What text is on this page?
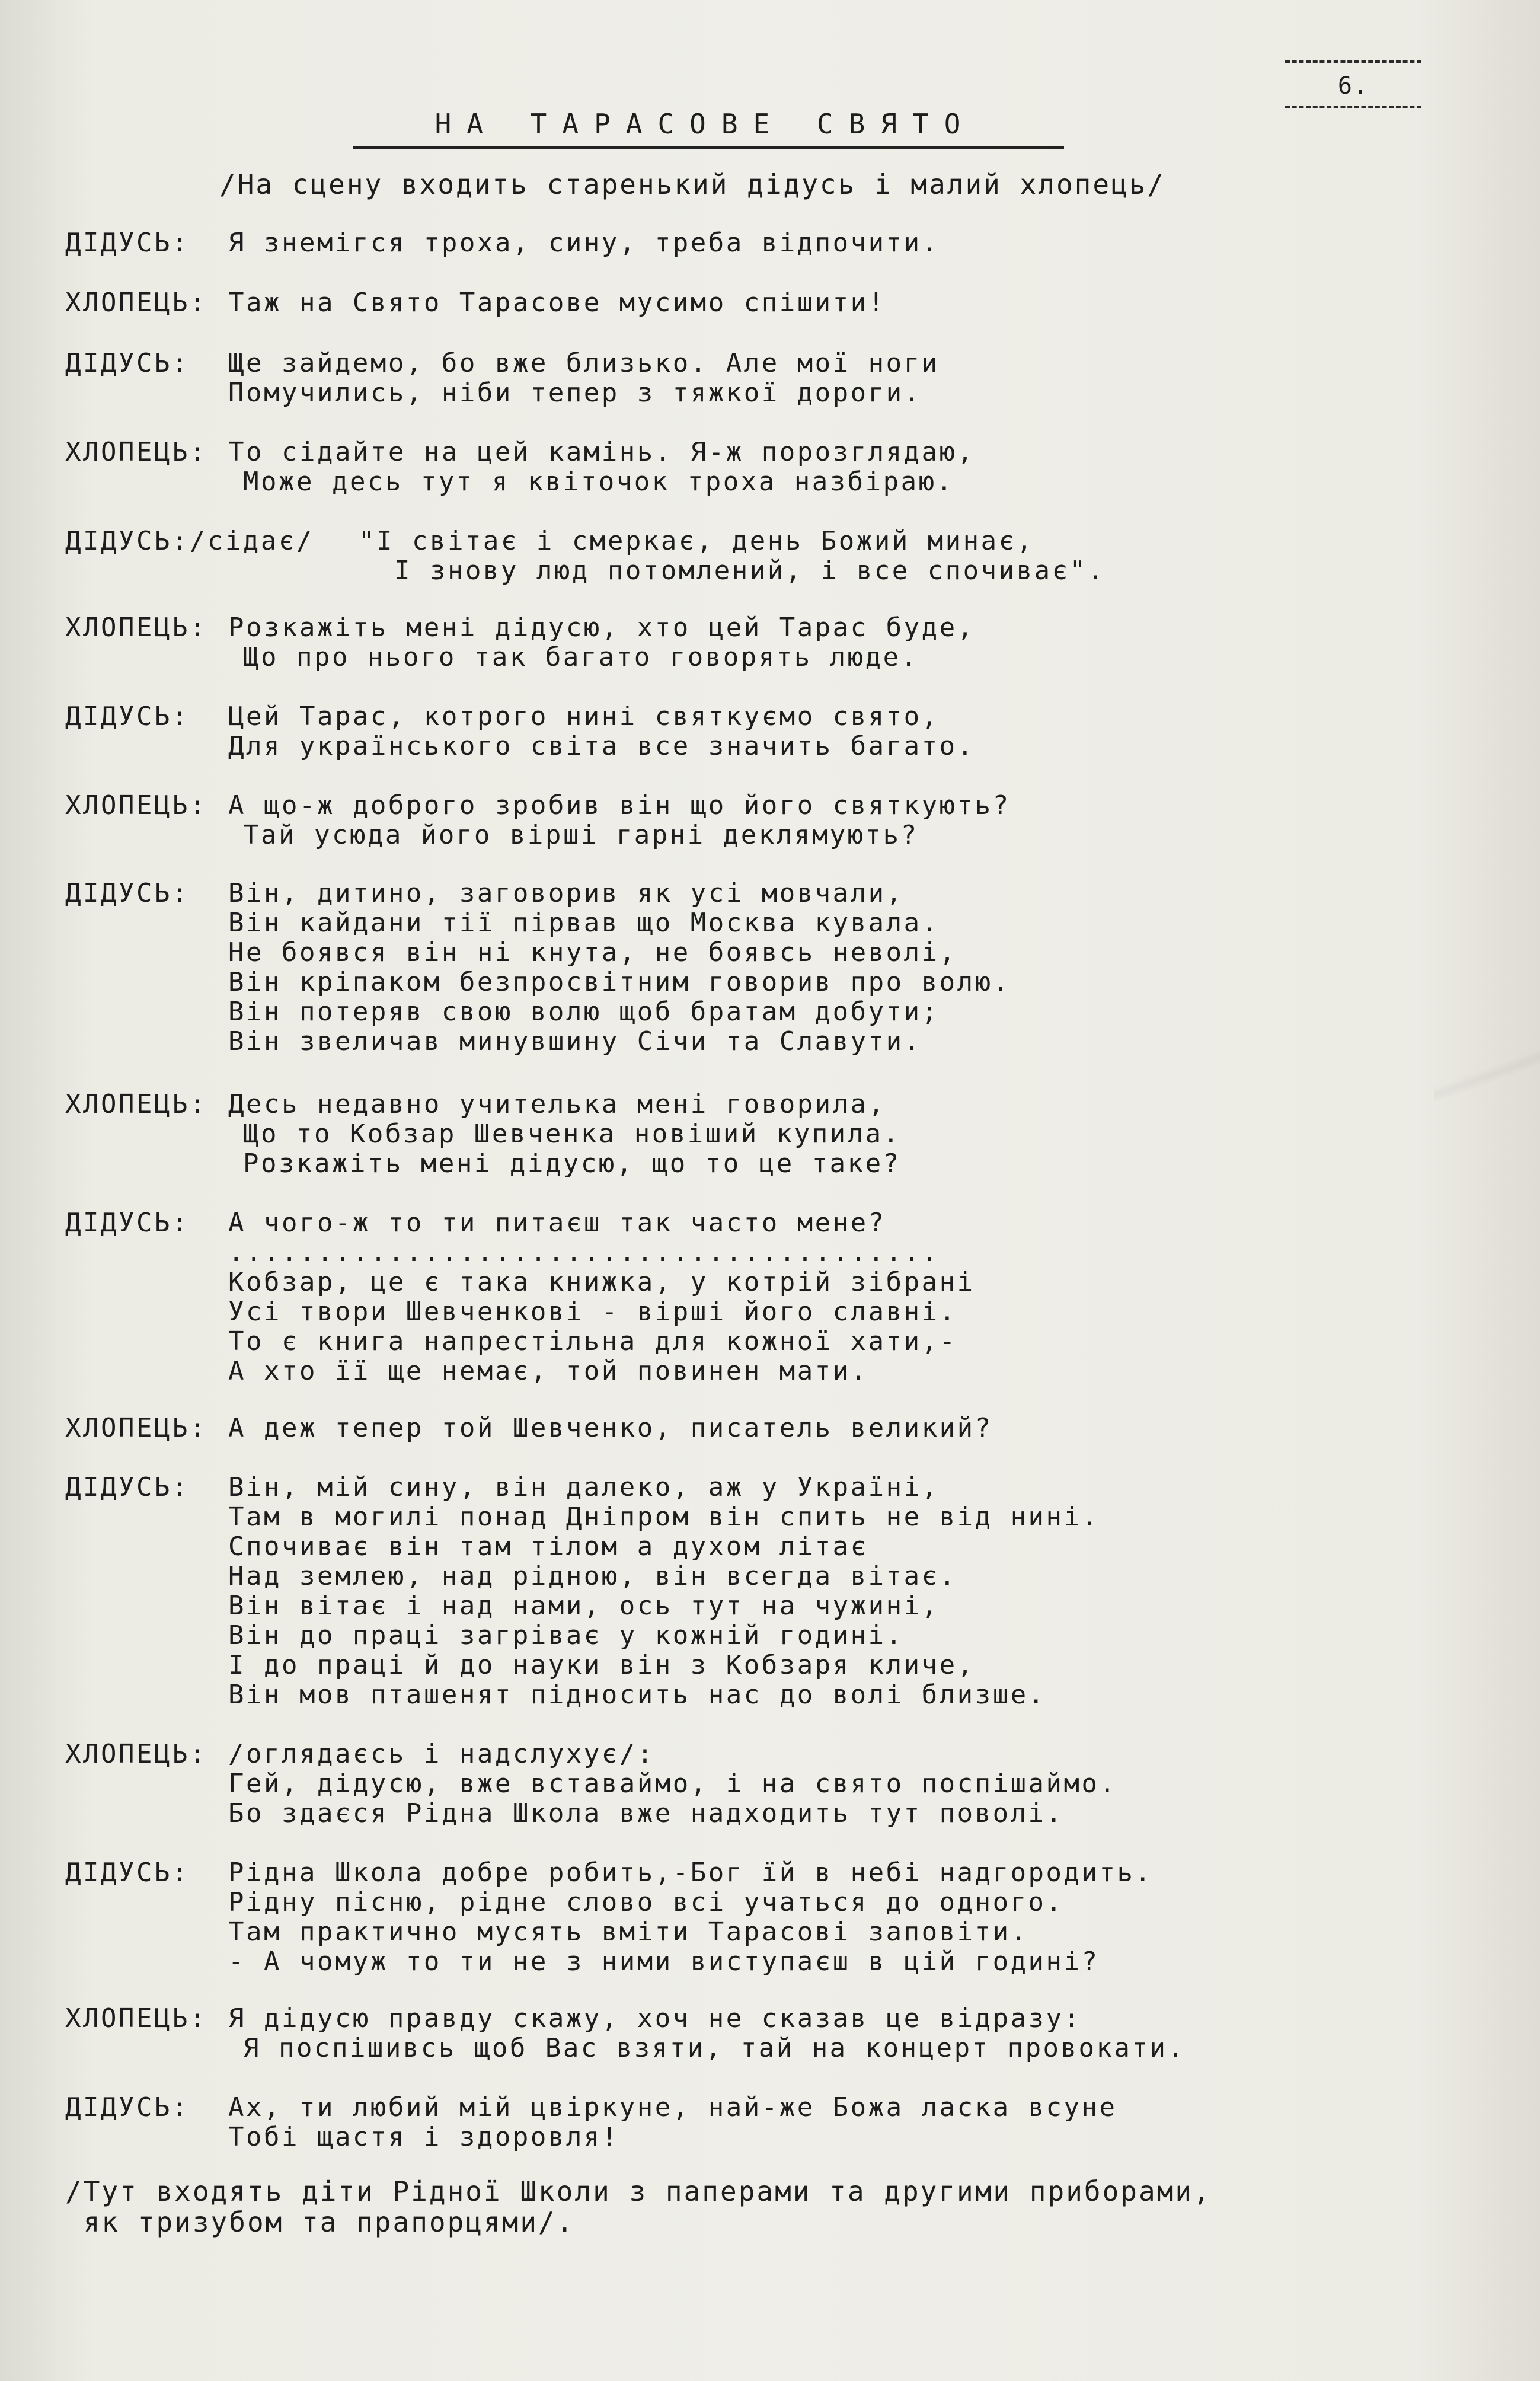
6.
НА ТАРАСОВЕ СВЯТО
/На сцену входить старенький дідусь і малий хлопець/
ДІДУСЬ: Я знемігся троха, сину, треба відпочити.
ХЛОПЕЦЬ: Таж на Свято Тарасове мусимо спішити!
ДІДУСЬ: Ще зайдемо, бо вже близько. Але мої ноги
Помучились, ніби тепер з тяжкої дороги.
ХЛОПЕЦЬ: То сідайте на цей камінь. Я-ж порозглядаю,
Може десь тут я квіточок троха назбіраю.
ДІДУСЬ:/сідає/ "І світає і смеркає, день Божий минає,
І знову люд потомлений, і все спочиває".
ХЛОПЕЦЬ: Розкажіть мені дідусю, хто цей Тарас буде,
Що про нього так багато говорять люде.
ДІДУСЬ: Цей Тарас, котрого нині святкуємо свято,
Для українського світа все значить багато.
ХЛОПЕЦЬ: А що-ж доброго зробив він що його святкують?
Тай усюда його вірші гарні деклямують?
ДІДУСЬ: Він, дитино, заговорив як усі мовчали,
Він кайдани тії пірвав що Москва кувала.
Не боявся він ні кнута, не боявсь неволі,
Він кріпаком безпросвітним говорив про волю.
Він потеряв свою волю щоб братам добути;
Він звеличав минувшину Січи та Славути.
ХЛОПЕЦЬ: Десь недавно учителька мені говорила,
Що то Кобзар Шевченка новіший купила.
Розкажіть мені дідусю, що то це таке?
ДІДУСЬ: А чого-ж то ти питаєш так часто мене?
........................................
Кобзар, це є така книжка, у котрій зібрані
Усі твори Шевченкові - вірші його славні.
То є книга напрестільна для кожної хати,-
А хто її ще немає, той повинен мати.
ХЛОПЕЦЬ: А деж тепер той Шевченко, писатель великий?
ДІДУСЬ: Він, мій сину, він далеко, аж у Україні,
Там в могилі понад Дніпром він спить не від нині.
Спочиває він там тілом а духом літає
Над землею, над рідною, він всегда вітає.
Він вітає і над нами, ось тут на чужині,
Він до праці загріває у кожній годині.
І до праці й до науки він з Кобзаря кличе,
Він мов пташенят підносить нас до волі близше.
ХЛОПЕЦЬ: /оглядаєсь і надслухує/:
Гей, дідусю, вже вставаймо, і на свято поспішаймо.
Бо здаєся Рідна Школа вже надходить тут поволі.
ДІДУСЬ: Рідна Школа добре робить,-Бог їй в небі надгородить.
Рідну пісню, рідне слово всі учаться до одного.
Там практично мусять вміти Тарасові заповіти.
- А чомуж то ти не з ними виступаєш в цій годині?
ХЛОПЕЦЬ: Я дідусю правду скажу, хоч не сказав це відразу:
Я поспішивсь щоб Вас взяти, тай на концерт провокати.
ДІДУСЬ: Ах, ти любий мій цвіркуне, най-же Божа ласка всуне
Тобі щастя і здоровля!
/Тут входять діти Рідної Школи з паперами та другими приборами,
як тризубом та прапорцями/.
